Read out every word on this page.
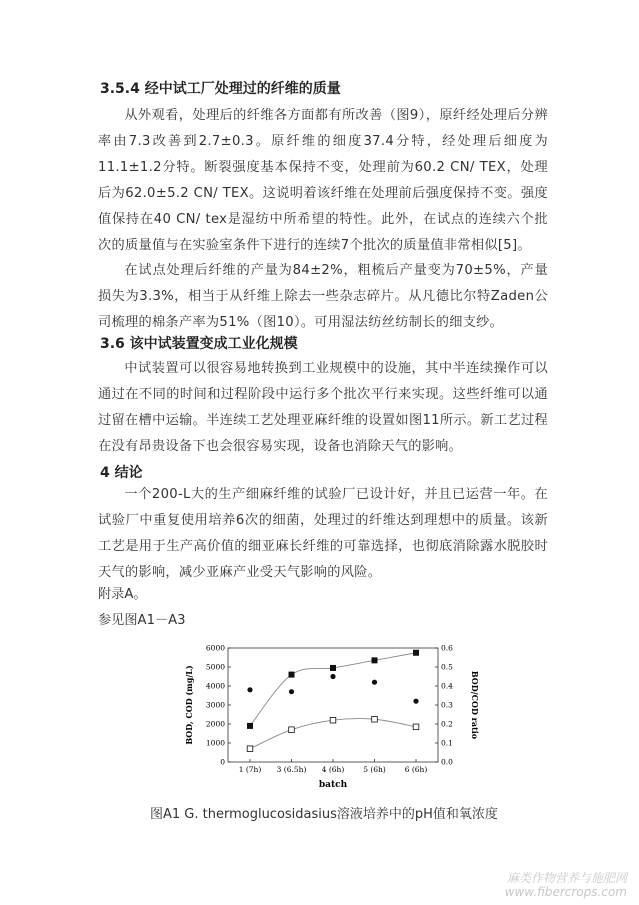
3.5.4 经中试工厂处理过的纤维的质量
从外观看，处理后的纤维各方面都有所改善（图9），原纤经处理后分辨率由7.3改善到2.7±0.3。原纤维的细度37.4分特，经处理后细度为11.1±1.2分特。断裂强度基本保持不变，处理前为60.2 CN/ TEX，处理后为62.0±5.2 CN/ TEX。这说明着该纤维在处理前后强度保持不变。强度值保持在40 CN/ tex是湿纺中所希望的特性。此外，在试点的连续六个批次的质量值与在实验室条件下进行的连续7个批次的质量值非常相似[5]。
在试点处理后纤维的产量为84±2%，粗梳后产量变为70±5%，产量损失为3.3%，相当于从纤维上除去一些杂志碎片。从凡德比尔特Zaden公司梳理的棉条产率为51%（图10）。可用湿法纺丝纺制长的细支纱。
3.6 该中试装置变成工业化规模
中试装置可以很容易地转换到工业规模中的设施，其中半连续操作可以通过在不同的时间和过程阶段中运行多个批次平行来实现。这些纤维可以通过留在槽中运输。半连续工艺处理亚麻纤维的设置如图11所示。新工艺过程在没有昂贵设备下也会很容易实现，设备也消除天气的影响。
4 结论
一个200-L大的生产细麻纤维的试验厂已设计好，并且已运营一年。在试验厂中重复使用培养6次的细菌，处理过的纤维达到理想中的质量。该新工艺是用于生产高价值的细亚麻长纤维的可靠选择，也彻底消除露水脱胶时天气的影响，减少亚麻产业受天气影响的风险。
附录A。
参见图A1－A3
0
1000
2000
3000
4000
5000
6000
0.0
0.1
0.2
0.3
0.4
0.5
0.6
1 (7h) 3 (6.5h) 4 (6h)	5 (6h)	6 (6h)
BOD, COD (mg/L)	BOD/COD ratio
batch
图A1 G. thermoglucosidasius溶液培养中的pH值和氧浓度
麻类作物营养与施肥网
www.fibercrops.com
